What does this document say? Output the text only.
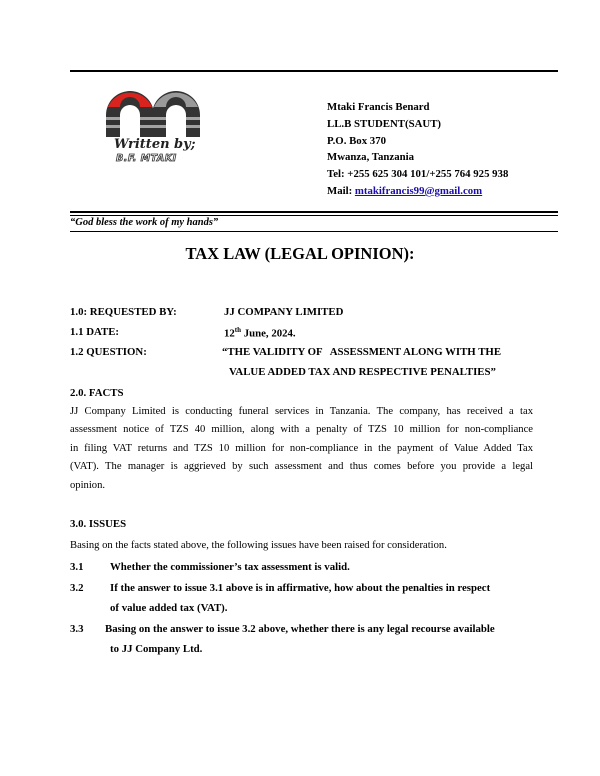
Written by;
B.F. MTAKI
Mtaki Francis Benard
LL.B STUDENT(SAUT)
P.O. Box 370
Mwanza, Tanzania
Tel: +255 625 304 101/+255 764 925 938
Mail: mtakifrancis99@gmail.com
“God bless the work of my hands”
TAX LAW (LEGAL OPINION):
1.0: REQUESTED BY:	JJ COMPANY LIMITED
1.1 DATE:	12th June, 2024.
1.2 QUESTION:	“THE VALIDITY OF   ASSESSMENT ALONG WITH THE
VALUE ADDED TAX AND RESPECTIVE PENALTIES”
2.0. FACTS
JJ Company Limited is conducting funeral services in Tanzania. The company, has received a tax
assessment notice of TZS 40 million, along with a penalty of TZS 10 million for non-compliance
in filing VAT returns and TZS 10 million for non-compliance in the payment of Value Added Tax
(VAT). The manager is aggrieved by such assessment and thus comes before you provide a legal
opinion.
3.0. ISSUES
Basing on the facts stated above, the following issues have been raised for consideration.
3.1 Whether the commissioner’s tax assessment is valid.
3.2 If the answer to issue 3.1 above is in affirmative, how about the penalties in respect
of value added tax (VAT).
3.3 Basing on the answer to issue 3.2 above, whether there is any legal recourse available
to JJ Company Ltd.
